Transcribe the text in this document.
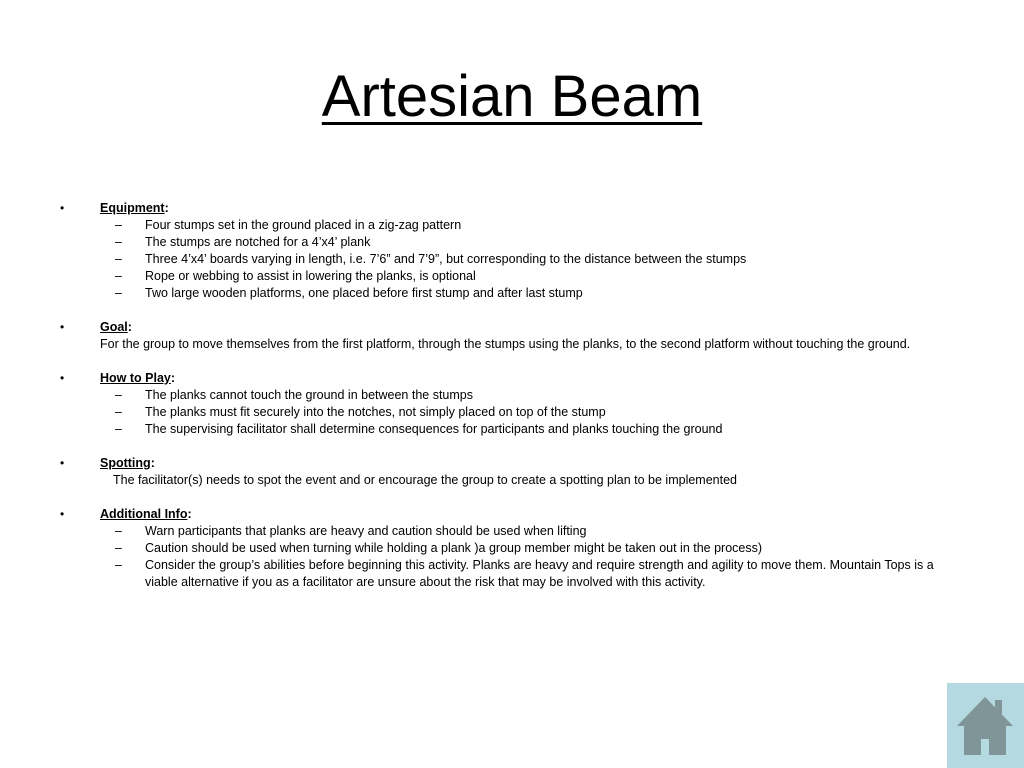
Artesian Beam
•	Equipment:
– Four stumps set in the ground placed in a zig-zag pattern
– The stumps are notched for a 4’x4’ plank
– Three 4’x4’ boards varying in length, i.e. 7’6” and 7’9”, but corresponding to the distance between the stumps
– Rope or webbing to assist in lowering the planks, is optional
– Two large wooden platforms, one placed before first stump and after last stump
•	Goal:
For the group to move themselves from the first platform, through the stumps using the planks, to the second platform without touching the ground.
•	How to Play:
– The planks cannot touch the ground in between the stumps
– The planks must fit securely into the notches, not simply placed on top of the stump
– The supervising facilitator shall determine consequences for participants and planks touching the ground
•	Spotting:
The facilitator(s) needs to spot the event and or encourage the group to create a spotting plan to be implemented
•	Additional Info:
– Warn participants that planks are heavy and caution should be used when lifting
– Caution should be used when turning while holding a plank )a group member might be taken out in the process)
– Consider the group’s abilities before beginning this activity. Planks are heavy and require strength and agility to move them. Mountain Tops is a viable alternative if you as a facilitator are unsure about the risk that may be involved with this activity.
